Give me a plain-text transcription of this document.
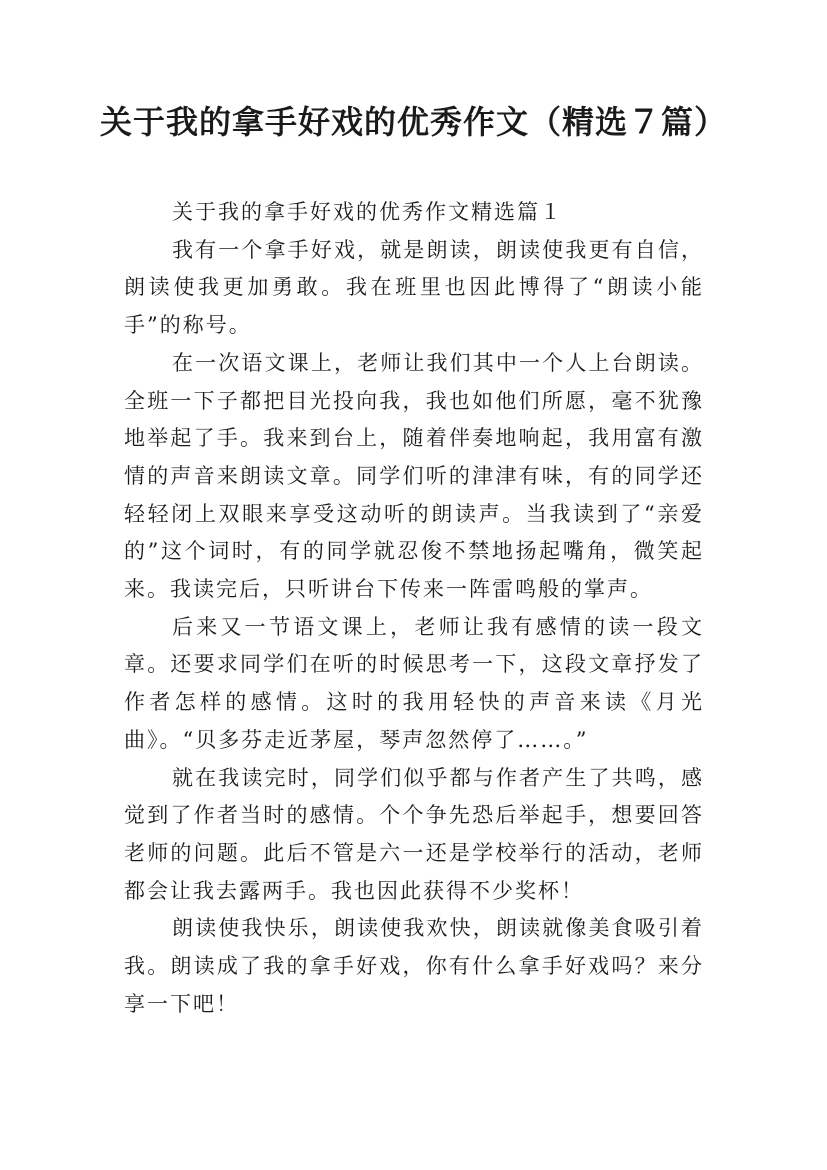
关于我的拿手好戏的优秀作文（精选７篇）

关于我的拿手好戏的优秀作文精选篇１

我有一个拿手好戏，就是朗读，朗读使我更有自信，朗读使我更加勇敢。我在班里也因此博得了“朗读小能手”的称号。

在一次语文课上，老师让我们其中一个人上台朗读。全班一下子都把目光投向我，我也如他们所愿，毫不犹豫地举起了手。我来到台上，随着伴奏地响起，我用富有激情的声音来朗读文章。同学们听的津津有味，有的同学还轻轻闭上双眼来享受这动听的朗读声。当我读到了“亲爱的”这个词时，有的同学就忍俊不禁地扬起嘴角，微笑起来。我读完后，只听讲台下传来一阵雷鸣般的掌声。

后来又一节语文课上，老师让我有感情的读一段文章。还要求同学们在听的时候思考一下，这段文章抒发了作者怎样的感情。这时的我用轻快的声音来读《月光曲》。“贝多芬走近茅屋，琴声忽然停了……。”

就在我读完时，同学们似乎都与作者产生了共鸣，感觉到了作者当时的感情。个个争先恐后举起手，想要回答老师的问题。此后不管是六一还是学校举行的活动，老师都会让我去露两手。我也因此获得不少奖杯！

朗读使我快乐，朗读使我欢快，朗读就像美食吸引着我。朗读成了我的拿手好戏，你有什么拿手好戏吗？来分享一下吧！
